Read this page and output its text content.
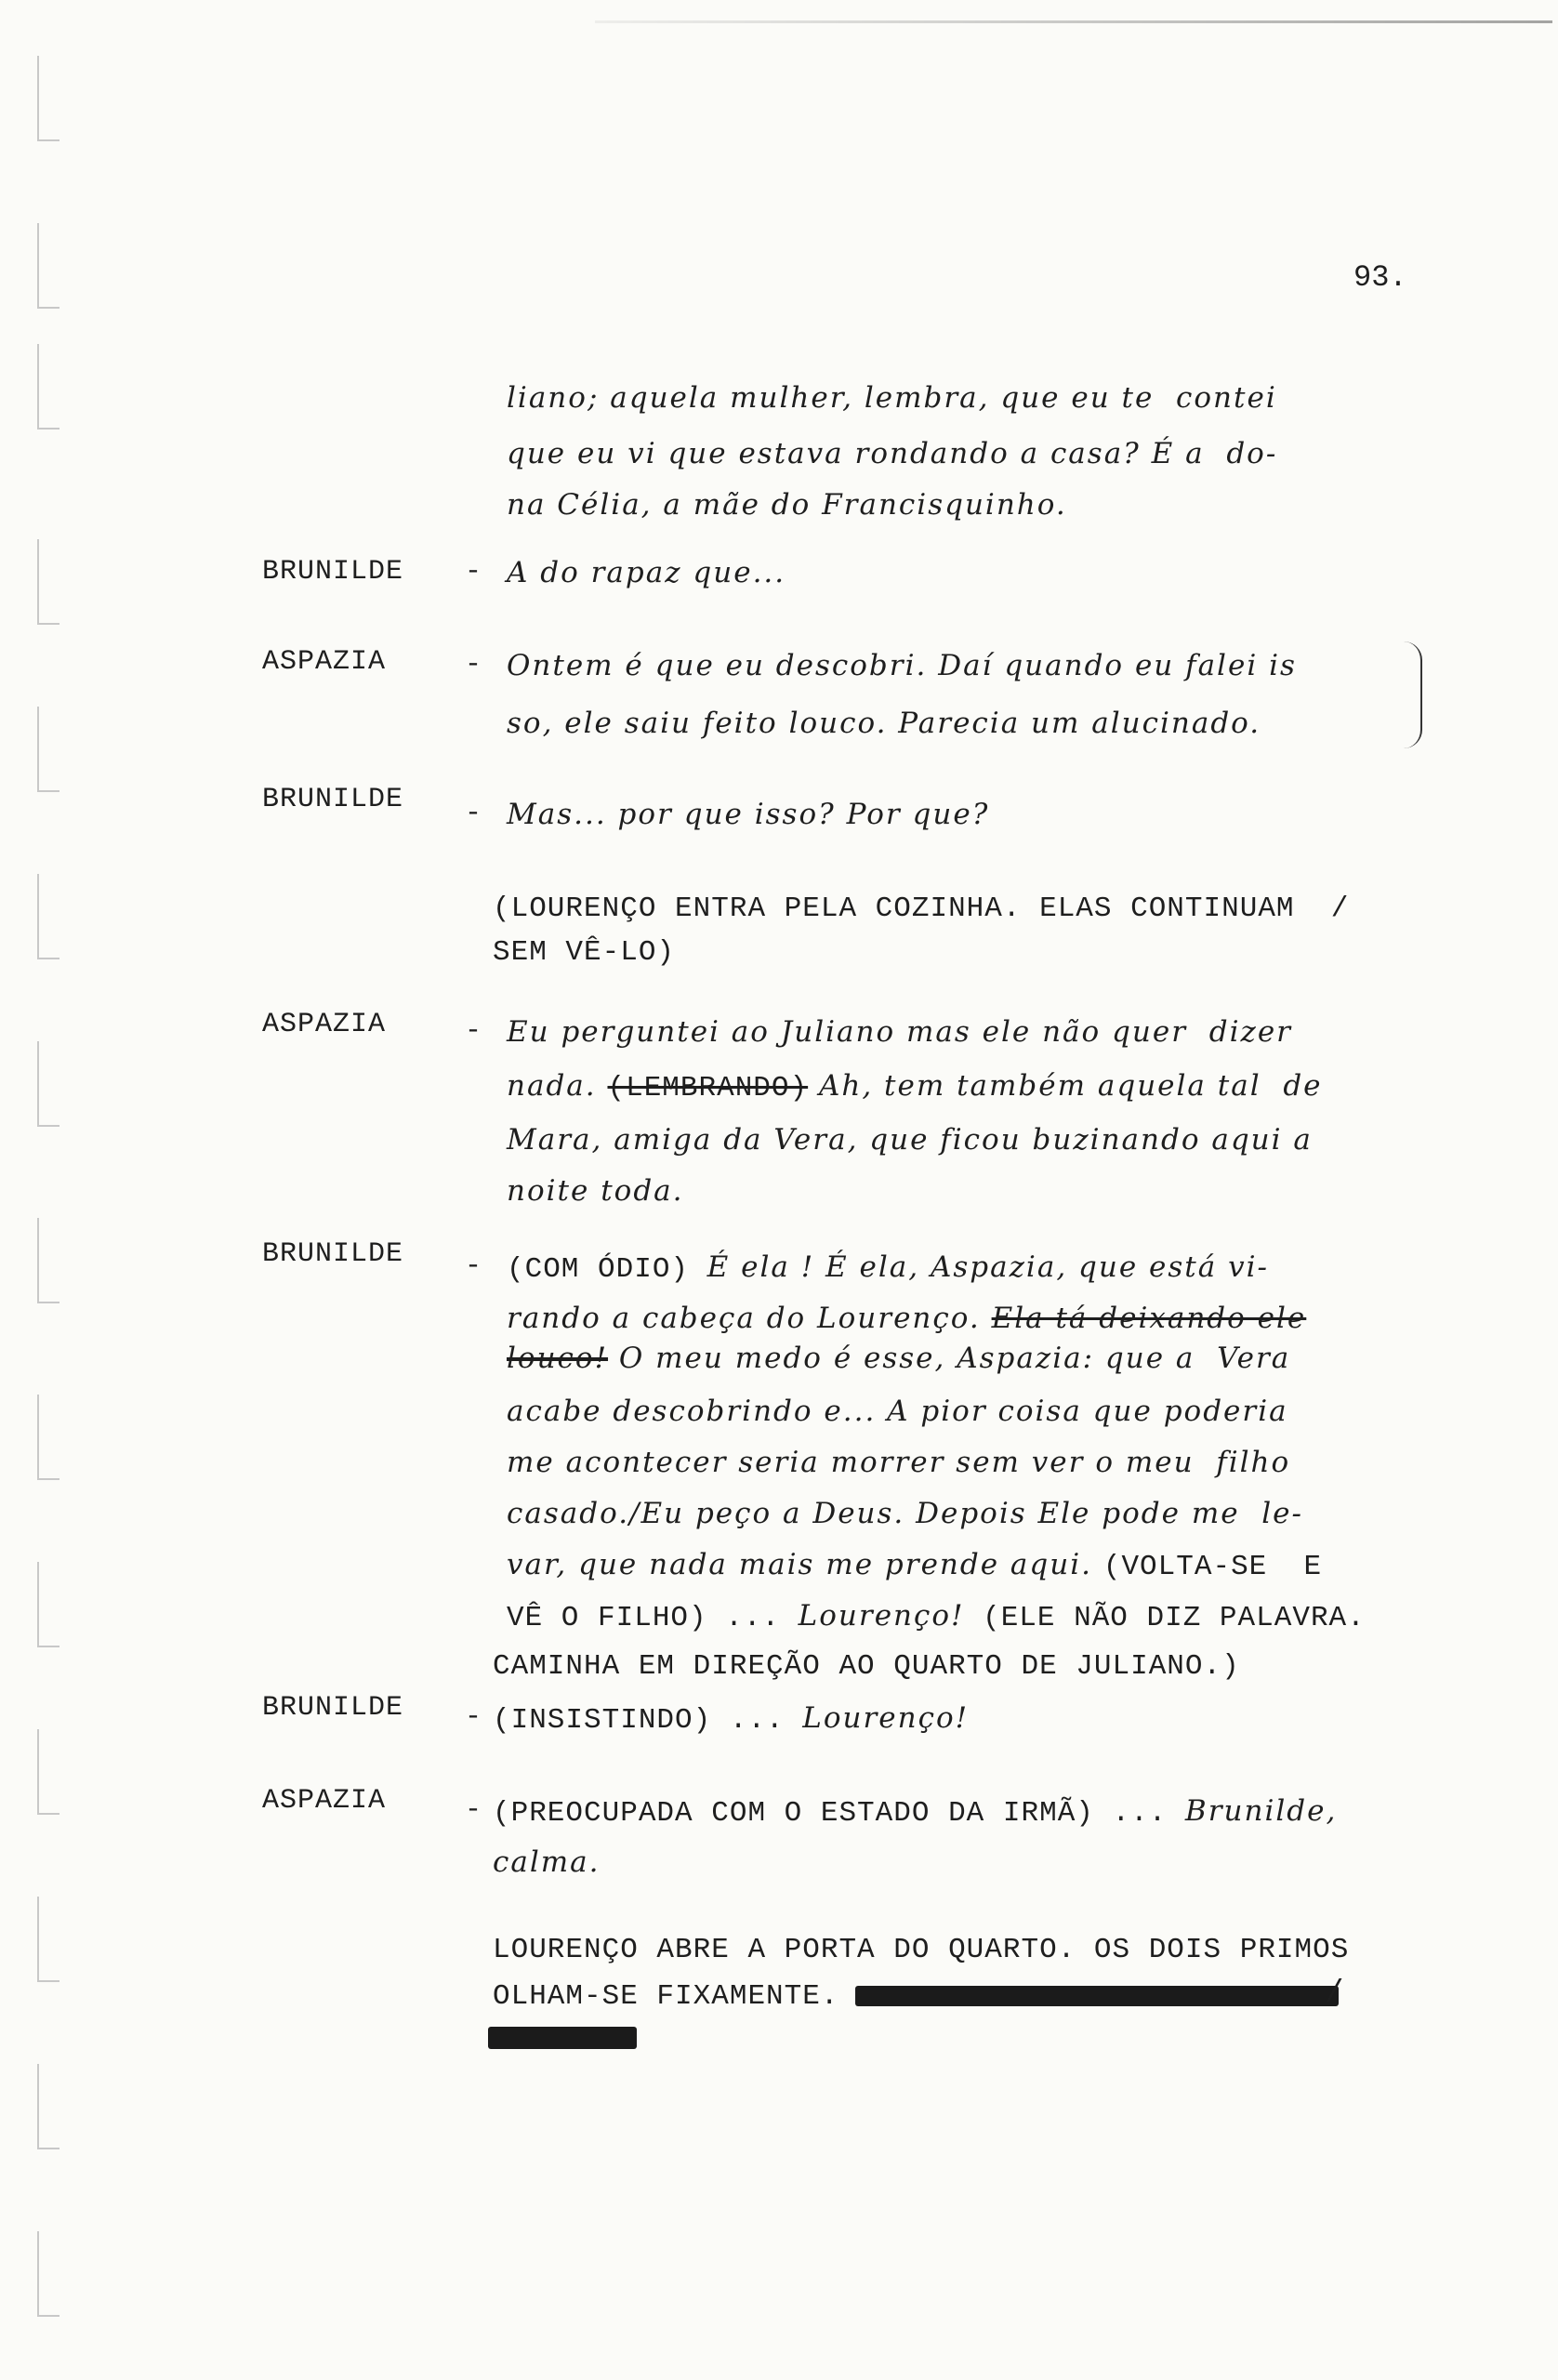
93.
liano; aquela mulher, lembra, que eu te  contei
que eu vi que estava rondando a casa? É a  do-
na Célia, a mãe do Francisquinho.
BRUNILDE - A do rapaz que...
ASPAZIA	- Ontem é que eu descobri. Daí quando eu falei is
so, ele saiu feito louco. Parecia um alucinado.
BRUNILDE - Mas... por que isso? Por que?
(LOURENÇO ENTRA PELA COZINHA. ELAS CONTINUAM  /
SEM VÊ-LO)
ASPAZIA	- Eu perguntei ao Juliano mas ele não quer  dizer
nada. (LEMBRANDO) Ah, tem também aquela tal  de
Mara, amiga da Vera, que ficou buzinando aqui a
noite toda.
BRUNILDE - (COM ÓDIO) É ela ! É ela, Aspazia, que está vi-
rando a cabeça do Lourenço. Ela tá deixando ele
louco! O meu medo é esse, Aspazia: que a  Vera
acabe descobrindo e... A pior coisa que poderia
me acontecer seria morrer sem ver o meu  filho
casado./Eu peço a Deus. Depois Ele pode me  le-
var, que nada mais me prende aqui. (VOLTA-SE  E
VÊ O FILHO) ... Lourenço! (ELE NÃO DIZ PALAVRA.
CAMINHA EM DIREÇÃO AO QUARTO DE JULIANO.)
BRUNILDE - (INSISTINDO) ... Lourenço!
ASPAZIA	- (PREOCUPADA COM O ESTADO DA IRMÃ) ... Brunilde,
calma.
LOURENÇO ABRE A PORTA DO QUARTO. OS DOIS PRIMOS
OLHAM-SE FIXAMENTE.	/
